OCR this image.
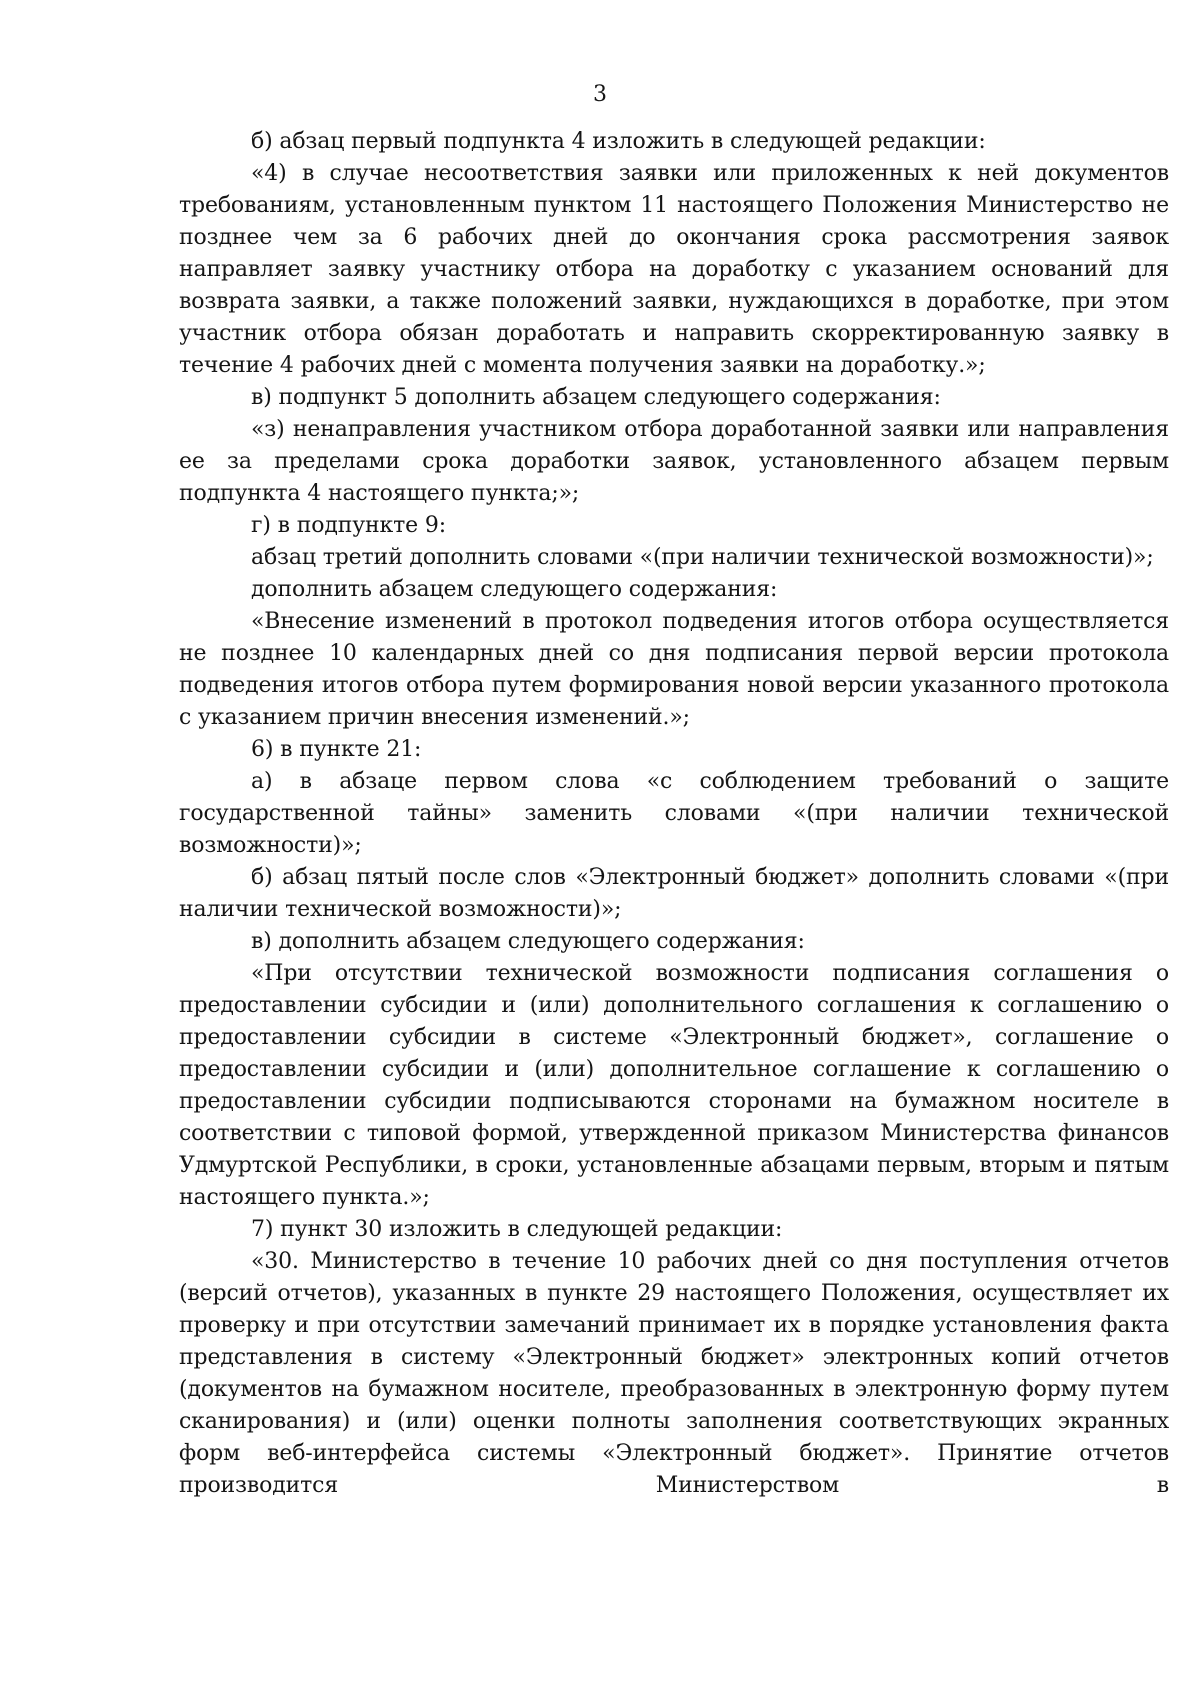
3

б) абзац первый подпункта 4 изложить в следующей редакции:

«4) в случае несоответствия заявки или приложенных к ней документов требованиям, установленным пунктом 11 настоящего Положения Министерство не позднее чем за 6 рабочих дней до окончания срока рассмотрения заявок направляет заявку участнику отбора на доработку с указанием оснований для возврата заявки, а также положений заявки, нуждающихся в доработке, при этом участник отбора обязан доработать и направить скорректированную заявку в течение 4 рабочих дней с момента получения заявки на доработку.»;

в) подпункт 5 дополнить абзацем следующего содержания:

«з) ненаправления участником отбора доработанной заявки или направления ее за пределами срока доработки заявок, установленного абзацем первым подпункта 4 настоящего пункта;»;

г) в подпункте 9:

абзац третий дополнить словами «(при наличии технической возможности)»;

дополнить абзацем следующего содержания:

«Внесение изменений в протокол подведения итогов отбора осуществляется не позднее 10 календарных дней со дня подписания первой версии протокола подведения итогов отбора путем формирования новой версии указанного протокола с указанием причин внесения изменений.»;

6) в пункте 21:

а) в абзаце первом слова «с соблюдением требований о защите государственной тайны» заменить словами «(при наличии технической возможности)»;

б) абзац пятый после слов «Электронный бюджет» дополнить словами «(при наличии технической возможности)»;

в) дополнить абзацем следующего содержания:

«При отсутствии технической возможности подписания соглашения о предоставлении субсидии и (или) дополнительного соглашения к соглашению о предоставлении субсидии в системе «Электронный бюджет», соглашение о предоставлении субсидии и (или) дополнительное соглашение к соглашению о предоставлении субсидии подписываются сторонами на бумажном носителе в соответствии с типовой формой, утвержденной приказом Министерства финансов Удмуртской Республики, в сроки, установленные абзацами первым, вторым и пятым настоящего пункта.»;

7) пункт 30 изложить в следующей редакции:

«30. Министерство в течение 10 рабочих дней со дня поступления отчетов (версий отчетов), указанных в пункте 29 настоящего Положения, осуществляет их проверку и при отсутствии замечаний принимает их в порядке установления факта представления в систему «Электронный бюджет» электронных копий отчетов (документов на бумажном носителе, преобразованных в электронную форму путем сканирования) и (или) оценки полноты заполнения соответствующих экранных форм веб-интерфейса системы «Электронный бюджет». Принятие отчетов производится Министерством в
